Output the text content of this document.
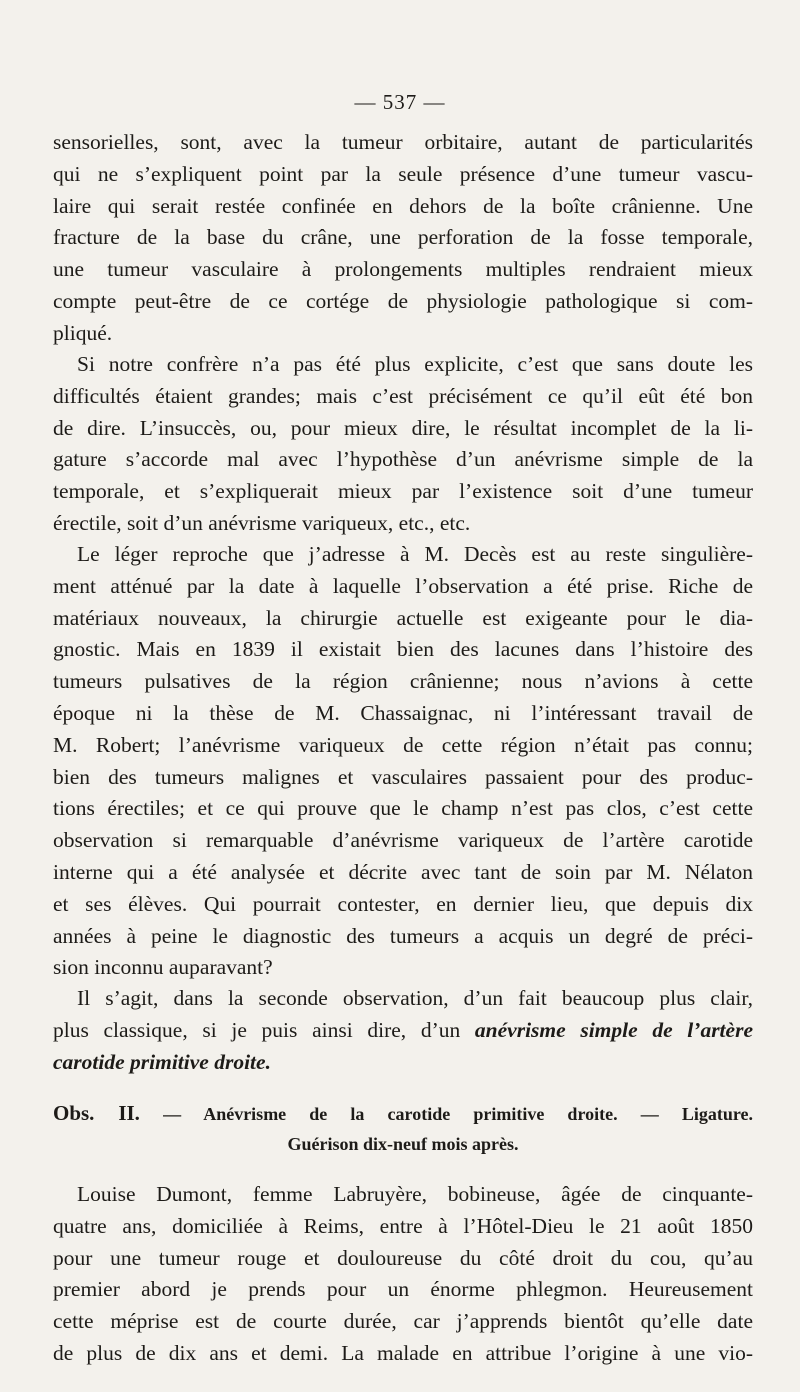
— 537 —
sensorielles, sont, avec la tumeur orbitaire, autant de particularités
qui ne s’expliquent point par la seule présence d’une tumeur vascu-
laire qui serait restée confinée en dehors de la boîte crânienne. Une
fracture de la base du crâne, une perforation de la fosse temporale,
une tumeur vasculaire à prolongements multiples rendraient mieux
compte peut-être de ce cortége de physiologie pathologique si com-
pliqué.
Si notre confrère n’a pas été plus explicite, c’est que sans doute les
difficultés étaient grandes; mais c’est précisément ce qu’il eût été bon
de dire. L’insuccès, ou, pour mieux dire, le résultat incomplet de la li-
gature s’accorde mal avec l’hypothèse d’un anévrisme simple de la
temporale, et s’expliquerait mieux par l’existence soit d’une tumeur
érectile, soit d’un anévrisme variqueux, etc., etc.
Le léger reproche que j’adresse à M. Decès est au reste singulière-
ment atténué par la date à laquelle l’observation a été prise. Riche de
matériaux nouveaux, la chirurgie actuelle est exigeante pour le dia-
gnostic. Mais en 1839 il existait bien des lacunes dans l’histoire des
tumeurs pulsatives de la région crânienne; nous n’avions à cette
époque ni la thèse de M. Chassaignac, ni l’intéressant travail de
M. Robert; l’anévrisme variqueux de cette région n’était pas connu;
bien des tumeurs malignes et vasculaires passaient pour des produc-
tions érectiles; et ce qui prouve que le champ n’est pas clos, c’est cette
observation si remarquable d’anévrisme variqueux de l’artère carotide
interne qui a été analysée et décrite avec tant de soin par M. Nélaton
et ses élèves. Qui pourrait contester, en dernier lieu, que depuis dix
années à peine le diagnostic des tumeurs a acquis un degré de préci-
sion inconnu auparavant?
Il s’agit, dans la seconde observation, d’un fait beaucoup plus clair,
plus classique, si je puis ainsi dire, d’un anévrisme simple de l’artère
carotide primitive droite.
Obs. II. — Anévrisme de la carotide primitive droite. — Ligature.
Guérison dix-neuf mois après.
Louise Dumont, femme Labruyère, bobineuse, âgée de cinquante-
quatre ans, domiciliée à Reims, entre à l’Hôtel-Dieu le 21 août 1850
pour une tumeur rouge et douloureuse du côté droit du cou, qu’au
premier abord je prends pour un énorme phlegmon. Heureusement
cette méprise est de courte durée, car j’apprends bientôt qu’elle date
de plus de dix ans et demi. La malade en attribue l’origine à une vio-
